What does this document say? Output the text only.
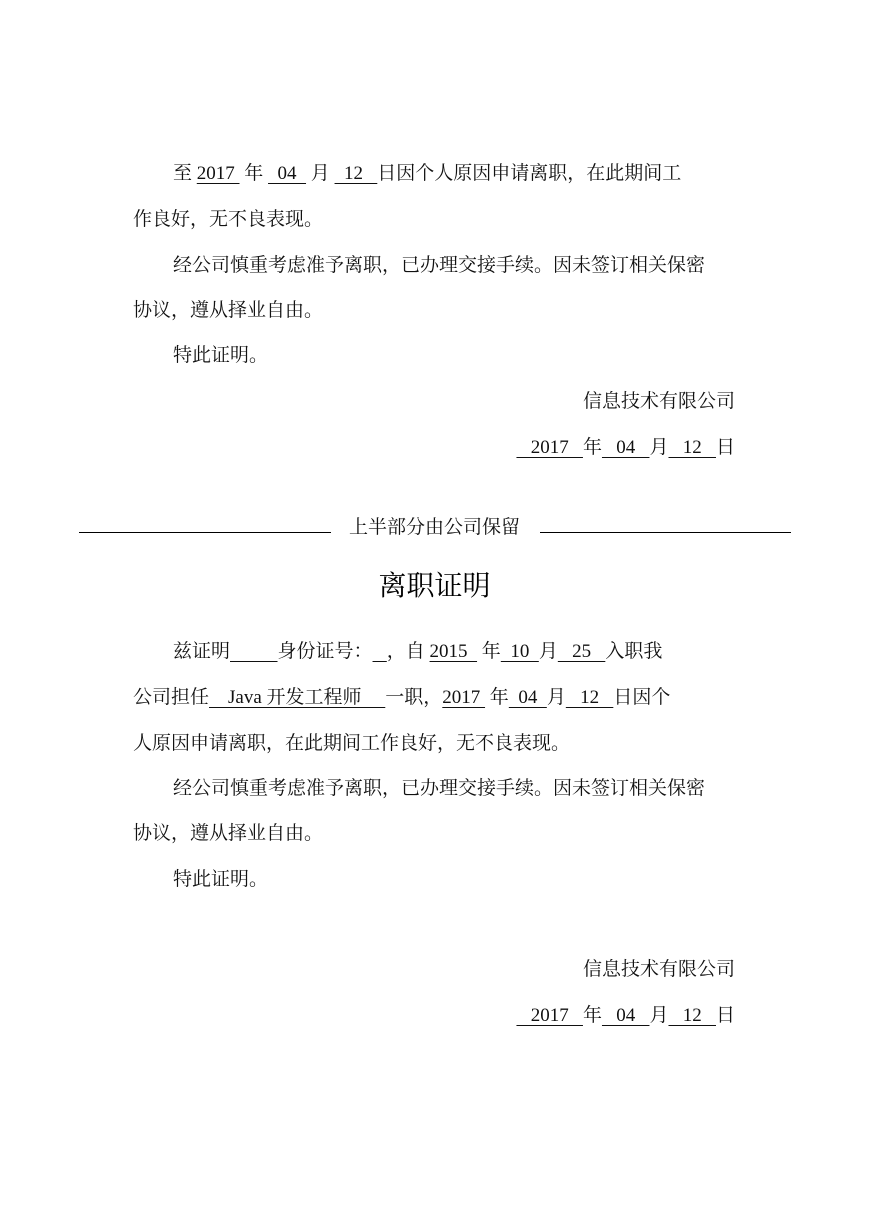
至 2017  年   04   月   12   日因个人原因申请离职，在此期间工
作良好，无不良表现。
经公司慎重考虑准予离职，已办理交接手续。因未签订相关保密
协议，遵从择业自由。
特此证明。
信息技术有限公司
2017   年   04   月   12   日
上半部分由公司保留
离职证明
兹证明	身份证号： ，自 2015   年  10  月   25   入职我
公司担任    Java 开发工程师     一职，2017  年  04  月   12   日因个
人原因申请离职，在此期间工作良好，无不良表现。
经公司慎重考虑准予离职，已办理交接手续。因未签订相关保密
协议，遵从择业自由。
特此证明。
信息技术有限公司
2017   年   04   月   12   日
